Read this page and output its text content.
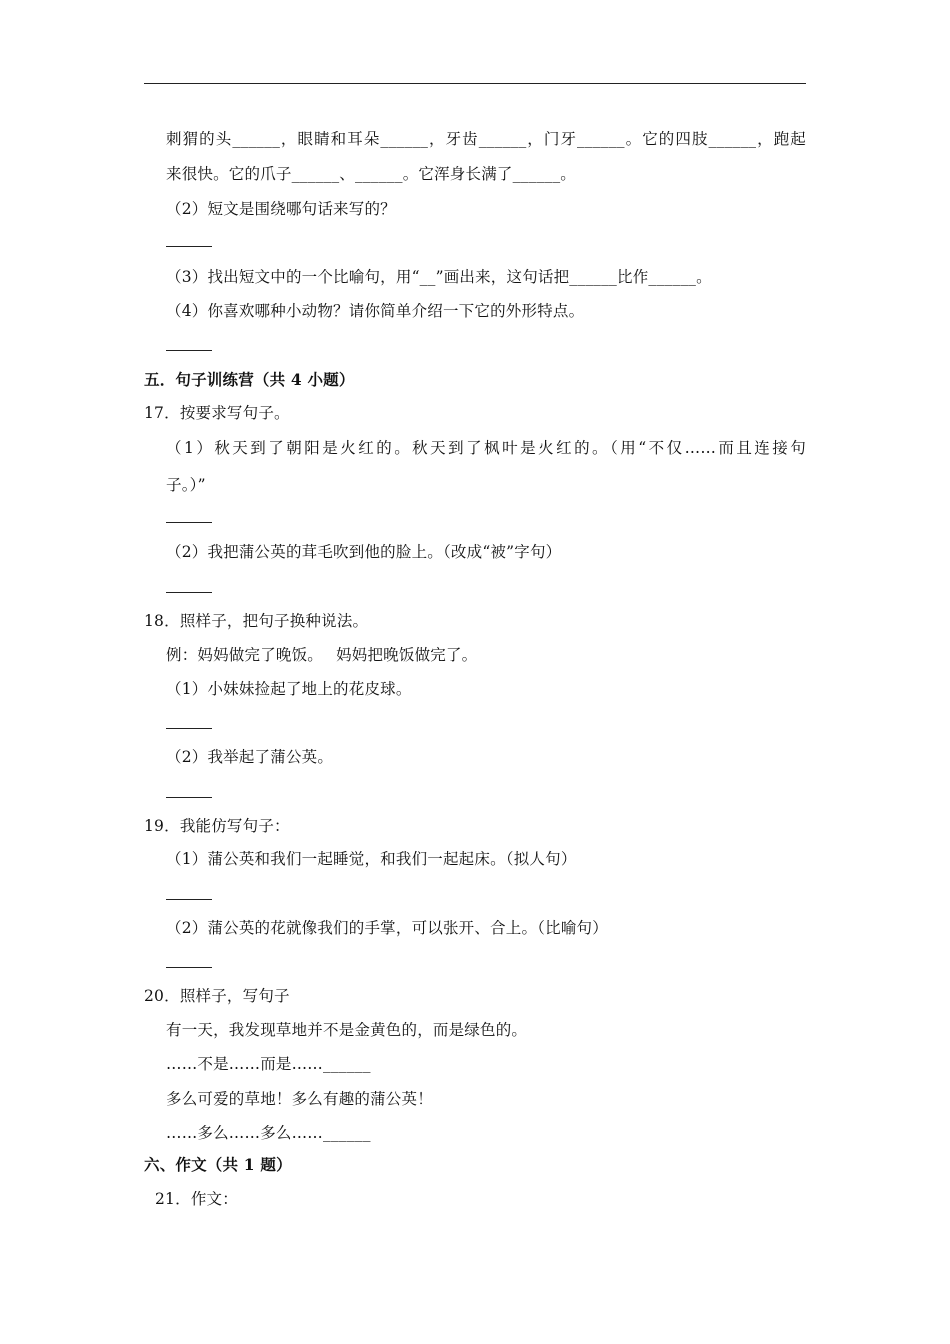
刺猬的头______，眼睛和耳朵______，牙齿______，门牙______。它的四肢______，跑起
来很快。它的爪子______、______。它浑身长满了______。
（2）短文是围绕哪句话来写的？
（3）找出短文中的一个比喻句，用“__”画出来，这句话把______比作______。
（4）你喜欢哪种小动物？请你简单介绍一下它的外形特点。
五．句子训练营（共 4 小题）
17．按要求写句子。
（1）秋天到了朝阳是火红的。秋天到了枫叶是火红的。（用“不仅……而且连接句
子。）”
（2）我把蒲公英的茸毛吹到他的脸上。（改成“被”字句）
18．照样子，把句子换种说法。
例：妈妈做完了晚饭。　 妈妈把晚饭做完了。
（1）小妹妹捡起了地上的花皮球。
（2）我举起了蒲公英。
19．我能仿写句子：
（1）蒲公英和我们一起睡觉，和我们一起起床。（拟人句）
（2）蒲公英的花就像我们的手掌，可以张开、合上。（比喻句）
20．照样子，写句子
有一天，我发现草地并不是金黄色的，而是绿色的。
……不是……而是……______
多么可爱的草地！多么有趣的蒲公英！
……多么……多么……______
六、作文（共 1 题）
21．作文：
